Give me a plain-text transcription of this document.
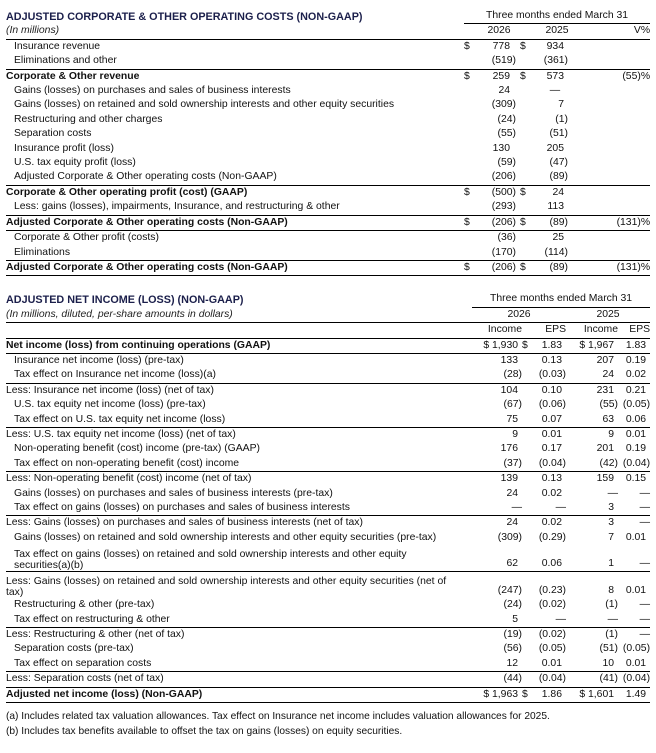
ADJUSTED CORPORATE & OTHER OPERATING COSTS (NON-GAAP)	Three months ended March 31				
(In millions)	2026			2025	V%
Insurance revenue	$	778	$	934	
Eliminations and other		(519)		(361)	
Corporate & Other revenue	$	259	$	573	(55)%
Gains (losses) on purchases and sales of business interests		24		—	
Gains (losses) on retained and sold ownership interests and other equity securities		(309)		7	
Restructuring and other charges		(24)		(1)	
Separation costs		(55)		(51)	
Insurance profit (loss)		130		205	
U.S. tax equity profit (loss)		(59)		(47)	
Adjusted Corporate & Other operating costs (Non-GAAP)		(206)		(89)	
Corporate & Other operating profit (cost) (GAAP)	$	(500)	$	24	
Less: gains (losses), impairments, Insurance, and restructuring & other		(293)		113	
Adjusted Corporate & Other operating costs (Non-GAAP)	$	(206)	$	(89)	(131)%
Corporate & Other profit (costs)		(36)		25	
Eliminations		(170)		(114)	
Adjusted Corporate & Other operating costs (Non-GAAP)	$	(206)	$	(89)	(131)%
ADJUSTED NET INCOME (LOSS) (NON-GAAP)	Three months ended March 31				
(In millions, diluted, per-share amounts in dollars)	2026			2025	
	Income	EPS		Income	EPS
Net income (loss) from continuing operations (GAAP)	$ 1,930	$	1.83	$ 1,967	1.83
Insurance net income (loss) (pre-tax)	133		0.13	207	0.19
Tax effect on Insurance net income (loss)(a)	(28)		(0.03)	24	0.02
Less: Insurance net income (loss) (net of tax)	104		0.10	231	0.21
U.S. tax equity net income (loss) (pre-tax)	(67)		(0.06)	(55)	(0.05)
Tax effect on U.S. tax equity net income (loss)	75		0.07	63	0.06
Less: U.S. tax equity net income (loss) (net of tax)	9		0.01	9	0.01
Non-operating benefit (cost) income (pre-tax) (GAAP)	176		0.17	201	0.19
Tax effect on non-operating benefit (cost) income	(37)		(0.04)	(42)	(0.04)
Less: Non-operating benefit (cost) income (net of tax)	139		0.13	159	0.15
Gains (losses) on purchases and sales of business interests (pre-tax)	24		0.02	—	—
Tax effect on gains (losses) on purchases and sales of business interests	—		—	3	—
Less: Gains (losses) on purchases and sales of business interests (net of tax)	24		0.02	3	—
Gains (losses) on retained and sold ownership interests and other equity securities (pre-tax)	(309)		(0.29)	7	0.01
Tax effect on gains (losses) on retained and sold ownership interests and other equity securities(a)(b)	62		0.06	1	—
Less: Gains (losses) on retained and sold ownership interests and other equity securities (net of tax)	(247)		(0.23)	8	0.01
Restructuring & other (pre-tax)	(24)		(0.02)	(1)	—
Tax effect on restructuring & other	5		—	—	—
Less: Restructuring & other (net of tax)	(19)		(0.02)	(1)	—
Separation costs (pre-tax)	(56)		(0.05)	(51)	(0.05)
Tax effect on separation costs	12		0.01	10	0.01
Less: Separation costs (net of tax)	(44)		(0.04)	(41)	(0.04)
Adjusted net income (loss) (Non-GAAP)	$ 1,963	$	1.86	$ 1,601	1.49
(a) Includes related tax valuation allowances. Tax effect on Insurance net income includes valuation allowances for 2025.
(b) Includes tax benefits available to offset the tax on gains (losses) on equity securities.
